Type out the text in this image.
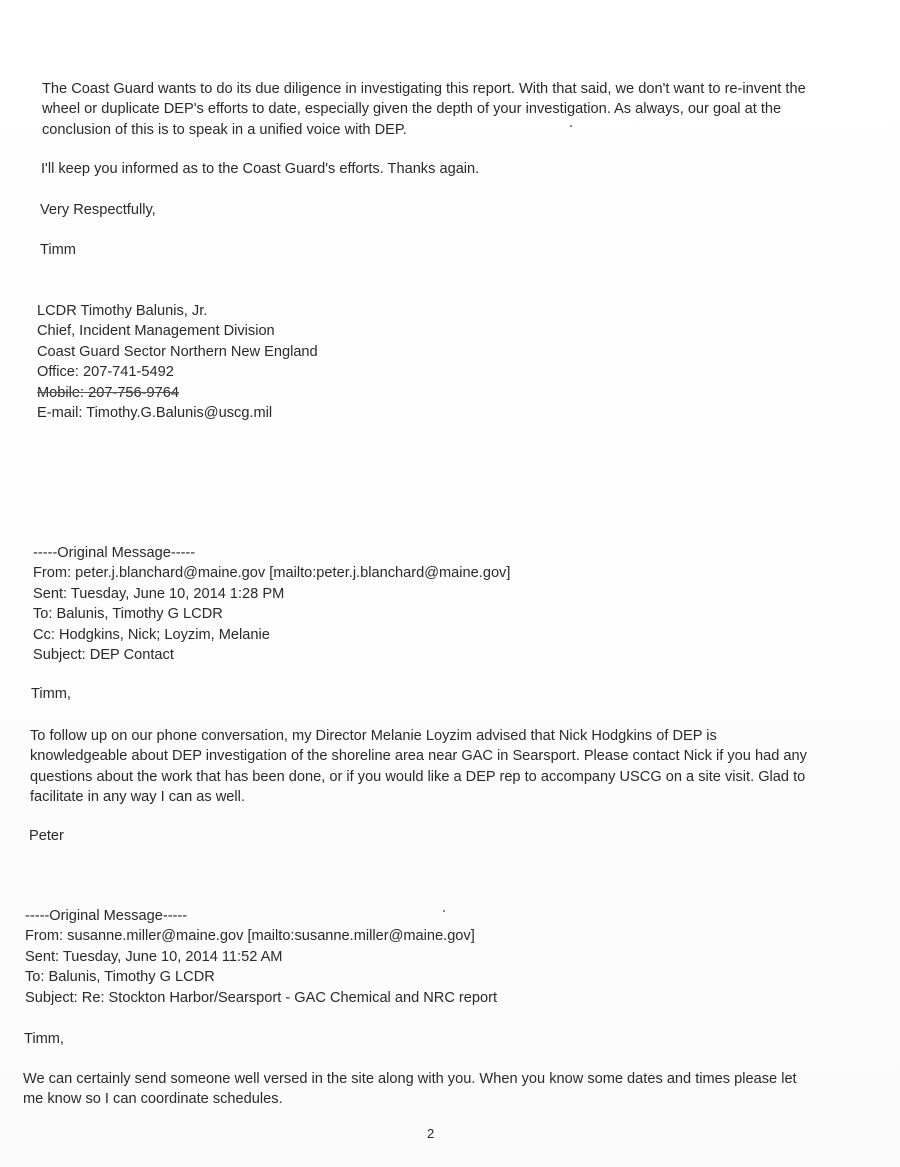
The Coast Guard wants to do its due diligence in investigating this report. With that said, we don't want to re-invent the
wheel or duplicate DEP's efforts to date, especially given the depth of your investigation. As always, our goal at the
conclusion of this is to speak in a unified voice with DEP.
I'll keep you informed as to the Coast Guard's efforts. Thanks again.
Very Respectfully,
Timm
LCDR Timothy Balunis, Jr.
Chief, Incident Management Division
Coast Guard Sector Northern New England
Office: 207-741-5492
Mobile: 207-756-9764
E-mail: Timothy.G.Balunis@uscg.mil
-----Original Message-----
From: peter.j.blanchard@maine.gov [mailto:peter.j.blanchard@maine.gov]
Sent: Tuesday, June 10, 2014 1:28 PM
To: Balunis, Timothy G LCDR
Cc: Hodgkins, Nick; Loyzim, Melanie
Subject: DEP Contact
Timm,
To follow up on our phone conversation, my Director Melanie Loyzim advised that Nick Hodgkins of DEP is
knowledgeable about DEP investigation of the shoreline area near GAC in Searsport. Please contact Nick if you had any
questions about the work that has been done, or if you would like a DEP rep to accompany USCG on a site visit. Glad to
facilitate in any way I can as well.
Peter
-----Original Message-----
From: susanne.miller@maine.gov [mailto:susanne.miller@maine.gov]
Sent: Tuesday, June 10, 2014 11:52 AM
To: Balunis, Timothy G LCDR
Subject: Re: Stockton Harbor/Searsport - GAC Chemical and NRC report
Timm,
We can certainly send someone well versed in the site along with you. When you know some dates and times please let
me know so I can coordinate schedules.
2
